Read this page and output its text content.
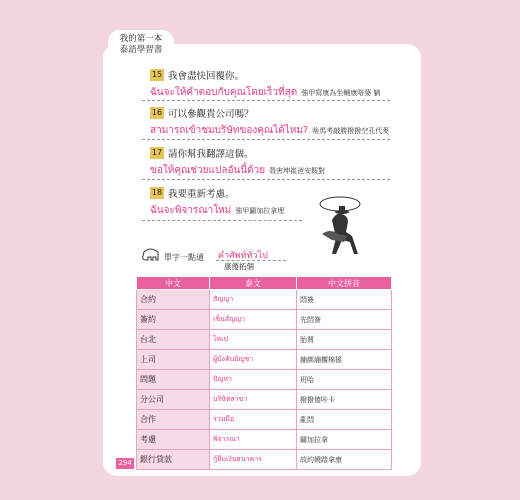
我的第一本
泰語學習書
15 我會盡快回覆你。
ฉันจะให้คำตอบกับคุณโดยเร็วที่สุด 強甲寫康為坐輔康咯婆 躺
16 可以參觀貴公司嗎？
สามารถเข้าชมบริษัทของคุณได้ไหม? 啥馬考敲勝撥撥空孔代麥
17 請你幫我翻譯這個。
ขอให้คุณช่วยแปลอันนี้ด้วย 殼害坤崔爸安餒對
18 我要重新考慮。
ฉันจะพิจารณาใหม่ 強甲闢加拉拿埋
單字一點通 คำศัพท์ทั่วไป
康傻拓個
中文	泰文	中文拼音
合約	สัญญา	悶簽
簽約	เซ็นสัญญา	先悶簽
台北	ไทเป	胎賈
上司	ผู้บังคับบัญชา	鋪綁繃櫬棉搖
問題	ปัญหา	班哈
分公司	บริษัทสาขา	撥撥傻咔卡
合作	ร่วมมือ	亂悶
考慮	พิจารณา	闢加拉拿
銀行貸款	กู้ยืมเงินธนาคาร	故約饒踏拿康
294
